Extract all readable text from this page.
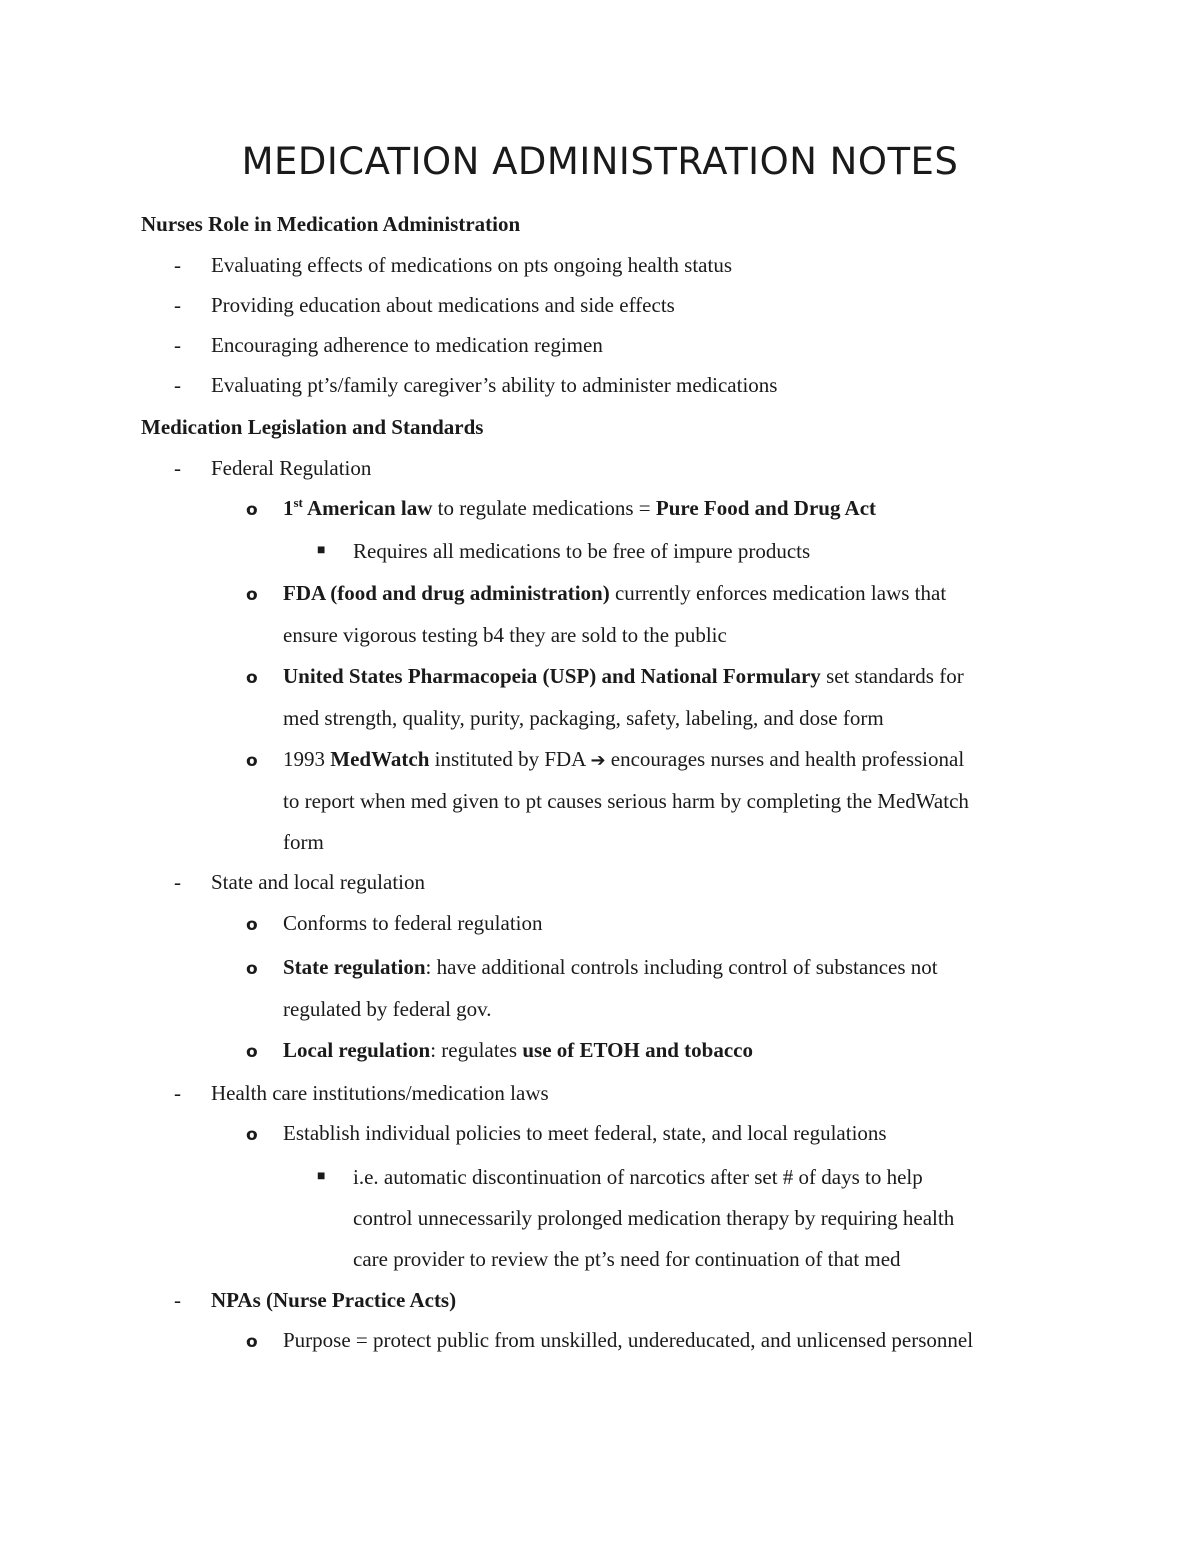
MEDICATION ADMINISTRATION NOTES
Nurses Role in Medication Administration
- Evaluating effects of medications on pts ongoing health status
- Providing education about medications and side effects
- Encouraging adherence to medication regimen
- Evaluating pt’s/family caregiver’s ability to administer medications
Medication Legislation and Standards
- Federal Regulation
o 1st American law to regulate medications = Pure Food and Drug Act
■ Requires all medications to be free of impure products
o FDA (food and drug administration) currently enforces medication laws that
ensure vigorous testing b4 they are sold to the public
o United States Pharmacopeia (USP) and National Formulary set standards for
med strength, quality, purity, packaging, safety, labeling, and dose form
o 1993 MedWatch instituted by FDA ➔ encourages nurses and health professional
to report when med given to pt causes serious harm by completing the MedWatch
form
- State and local regulation
o Conforms to federal regulation
o State regulation: have additional controls including control of substances not
regulated by federal gov.
o Local regulation: regulates use of ETOH and tobacco
- Health care institutions/medication laws
o Establish individual policies to meet federal, state, and local regulations
■ i.e. automatic discontinuation of narcotics after set # of days to help
control unnecessarily prolonged medication therapy by requiring health
care provider to review the pt’s need for continuation of that med
- NPAs (Nurse Practice Acts)
o Purpose = protect public from unskilled, undereducated, and unlicensed personnel
